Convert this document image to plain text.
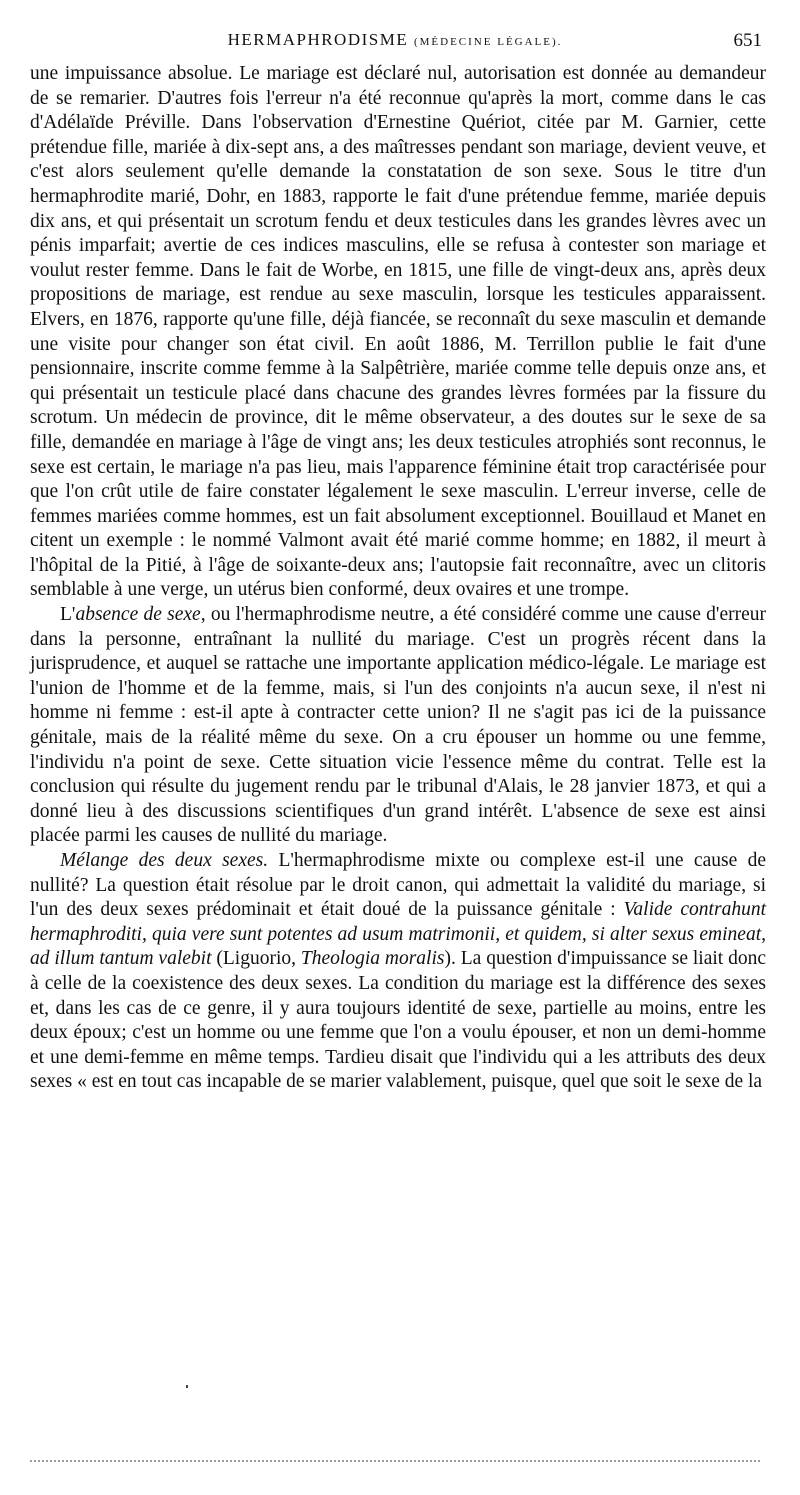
HERMAPHRODISME (MÉDECINE LÉGALE).	651

une impuissance absolue. Le mariage est déclaré nul, autorisation est donnée au demandeur de se remarier. D'autres fois l'erreur n'a été reconnue qu'après la mort, comme dans le cas d'Adélaïde Préville. Dans l'observation d'Ernestine Quériot, citée par M. Garnier, cette prétendue fille, mariée à dix-sept ans, a des maîtresses pendant son mariage, devient veuve, et c'est alors seulement qu'elle demande la constatation de son sexe. Sous le titre d'un hermaphrodite marié, Dohr, en 1883, rapporte le fait d'une prétendue femme, mariée depuis dix ans, et qui présentait un scrotum fendu et deux testicules dans les grandes lèvres avec un pénis imparfait; avertie de ces indices masculins, elle se refusa à contester son mariage et voulut rester femme. Dans le fait de Worbe, en 1815, une fille de vingt-deux ans, après deux propositions de mariage, est rendue au sexe masculin, lorsque les testicules apparaissent. Elvers, en 1876, rapporte qu'une fille, déjà fiancée, se reconnaît du sexe masculin et demande une visite pour changer son état civil. En août 1886, M. Terrillon publie le fait d'une pensionnaire, inscrite comme femme à la Salpêtrière, mariée comme telle depuis onze ans, et qui présentait un testicule placé dans chacune des grandes lèvres formées par la fissure du scrotum. Un médecin de province, dit le même observateur, a des doutes sur le sexe de sa fille, demandée en mariage à l'âge de vingt ans; les deux testicules atrophiés sont reconnus, le sexe est certain, le mariage n'a pas lieu, mais l'apparence féminine était trop caractérisée pour que l'on crût utile de faire constater légalement le sexe masculin. L'erreur inverse, celle de femmes mariées comme hommes, est un fait absolument exceptionnel. Bouillaud et Manet en citent un exemple : le nommé Valmont avait été marié comme homme; en 1882, il meurt à l'hôpital de la Pitié, à l'âge de soixante-deux ans; l'autopsie fait reconnaître, avec un clitoris semblable à une verge, un utérus bien conformé, deux ovaires et une trompe.

L'absence de sexe, ou l'hermaphrodisme neutre, a été considéré comme une cause d'erreur dans la personne, entraînant la nullité du mariage. C'est un progrès récent dans la jurisprudence, et auquel se rattache une importante application médico-légale. Le mariage est l'union de l'homme et de la femme, mais, si l'un des conjoints n'a aucun sexe, il n'est ni homme ni femme : est-il apte à contracter cette union? Il ne s'agit pas ici de la puissance génitale, mais de la réalité même du sexe. On a cru épouser un homme ou une femme, l'individu n'a point de sexe. Cette situation vicie l'essence même du contrat. Telle est la conclusion qui résulte du jugement rendu par le tribunal d'Alais, le 28 janvier 1873, et qui a donné lieu à des discussions scientifiques d'un grand intérêt. L'absence de sexe est ainsi placée parmi les causes de nullité du mariage.

Mélange des deux sexes. L'hermaphrodisme mixte ou complexe est-il une cause de nullité? La question était résolue par le droit canon, qui admettait la validité du mariage, si l'un des deux sexes prédominait et était doué de la puissance génitale : Valide contrahunt hermaphroditi, quia vere sunt potentes ad usum matrimonii, et quidem, si alter sexus emineat, ad illum tantum valebit (Liguorio, Theologia moralis). La question d'impuissance se liait donc à celle de la coexistence des deux sexes. La condition du mariage est la différence des sexes et, dans les cas de ce genre, il y aura toujours identité de sexe, partielle au moins, entre les deux époux; c'est un homme ou une femme que l'on a voulu épouser, et non un demi-homme et une demi-femme en même temps. Tardieu disait que l'individu qui a les attributs des deux sexes « est en tout cas incapable de se marier valablement, puisque, quel que soit le sexe de la
